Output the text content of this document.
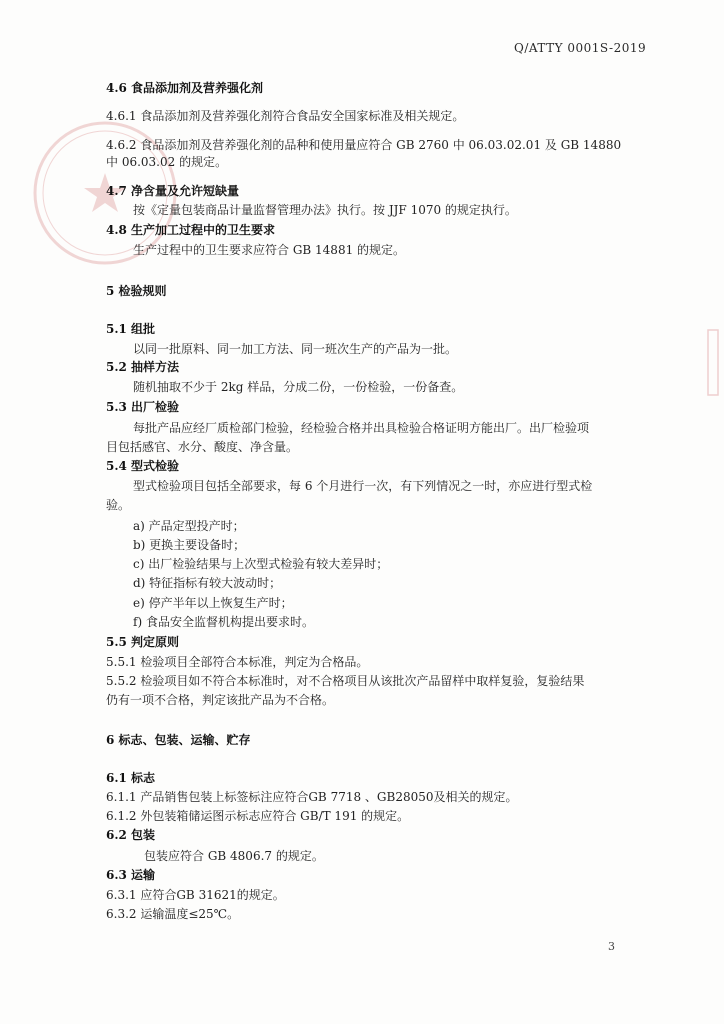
Q/ATTY 0001S-2019
4.6 食品添加剂及营养强化剂
4.6.1 食品添加剂及营养强化剂符合食品安全国家标准及相关规定。
4.6.2 食品添加剂及营养强化剂的品种和使用量应符合 GB 2760 中 06.03.02.01 及 GB 14880
中 06.03.02 的规定。
4.7 净含量及允许短缺量
按《定量包装商品计量监督管理办法》执行。按 JJF 1070 的规定执行。
4.8 生产加工过程中的卫生要求
生产过程中的卫生要求应符合 GB 14881 的规定。
5 检验规则
5.1 组批
以同一批原料、同一加工方法、同一班次生产的产品为一批。
5.2 抽样方法
随机抽取不少于 2kg 样品，分成二份，一份检验，一份备查。
5.3 出厂检验
每批产品应经厂质检部门检验，经检验合格并出具检验合格证明方能出厂。出厂检验项
目包括感官、水分、酸度、净含量。
5.4 型式检验
型式检验项目包括全部要求，每 6 个月进行一次，有下列情况之一时，亦应进行型式检
验。
a) 产品定型投产时；
b) 更换主要设备时；
c) 出厂检验结果与上次型式检验有较大差异时；
d) 特征指标有较大波动时；
e) 停产半年以上恢复生产时；
f) 食品安全监督机构提出要求时。
5.5 判定原则
5.5.1 检验项目全部符合本标准，判定为合格品。
5.5.2 检验项目如不符合本标准时，对不合格项目从该批次产品留样中取样复验，复验结果
仍有一项不合格，判定该批产品为不合格。
6 标志、包装、运输、贮存
6.1 标志
6.1.1 产品销售包装上标签标注应符合GB 7718 、GB28050及相关的规定。
6.1.2 外包装箱储运图示标志应符合 GB/T 191 的规定。
6.2 包装
包装应符合 GB 4806.7 的规定。
6.3 运输
6.3.1 应符合GB 31621的规定。
6.3.2 运输温度≤25℃。
3
